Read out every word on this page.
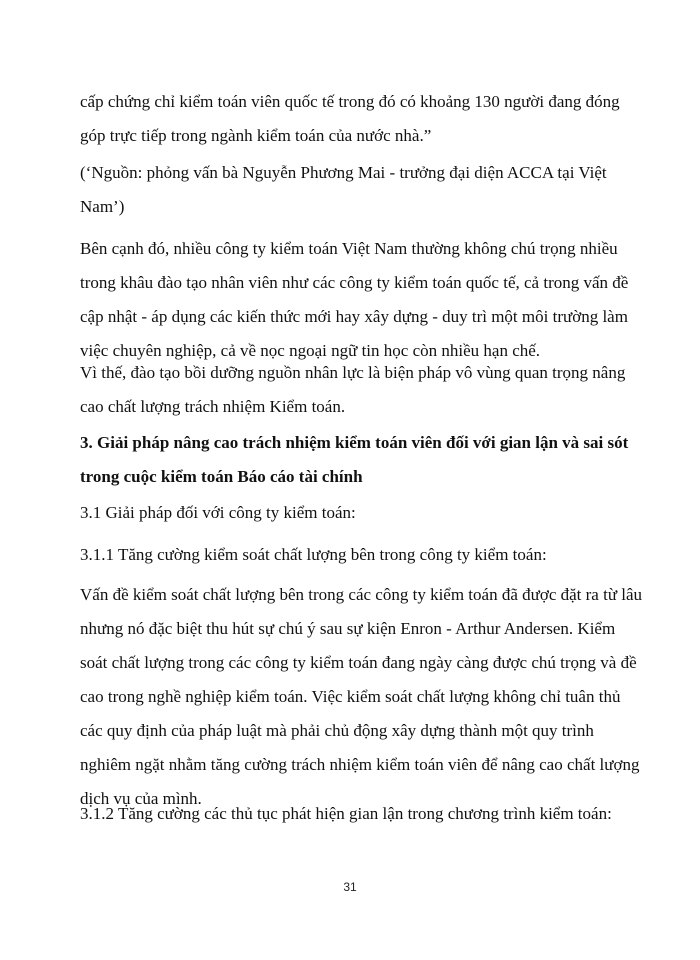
cấp chứng chỉ kiểm toán viên quốc tế trong đó có khoảng 130 người đang đóng
góp trực tiếp trong ngành kiểm toán của nước nhà.”
(‘Nguồn: phỏng vấn bà Nguyễn Phương Mai - trưởng đại diện ACCA tại Việt
Nam’)
Bên cạnh đó, nhiều công ty kiểm toán Việt Nam thường không chú trọng nhiều
trong khâu đào tạo nhân viên như các công ty kiểm toán quốc tế, cả trong vấn đề
cập nhật - áp dụng các kiến thức mới hay xây dựng - duy trì một môi trường làm
việc chuyên nghiệp, cả về nọc ngoại ngữ tin học còn nhiều hạn chế.
Vì thế, đào tạo bồi dưỡng nguồn nhân lực là biện pháp vô vùng quan trọng nâng
cao chất lượng trách nhiệm Kiểm toán.
3. Giải pháp nâng cao trách nhiệm kiểm toán viên đối với gian lận và sai sót
trong cuộc kiểm toán Báo cáo tài chính
3.1 Giải pháp đối với công ty kiểm toán:
3.1.1 Tăng cường kiểm soát chất lượng bên trong công ty kiểm toán:
Vấn đề kiểm soát chất lượng bên trong các công ty kiểm toán đã được đặt ra từ lâu
nhưng nó đặc biệt thu hút sự chú ý sau sự kiện Enron - Arthur Andersen. Kiểm
soát chất lượng trong các công ty kiểm toán đang ngày càng được chú trọng và đề
cao trong nghề nghiệp kiểm toán. Việc kiểm soát chất lượng không chỉ tuân thủ
các quy định của pháp luật mà phải chủ động xây dựng thành một quy trình
nghiêm ngặt nhằm tăng cường trách nhiệm kiểm toán viên để nâng cao chất lượng
dịch vụ của mình.
3.1.2 Tăng cường các thủ tục phát hiện gian lận trong chương trình kiểm toán:
31
